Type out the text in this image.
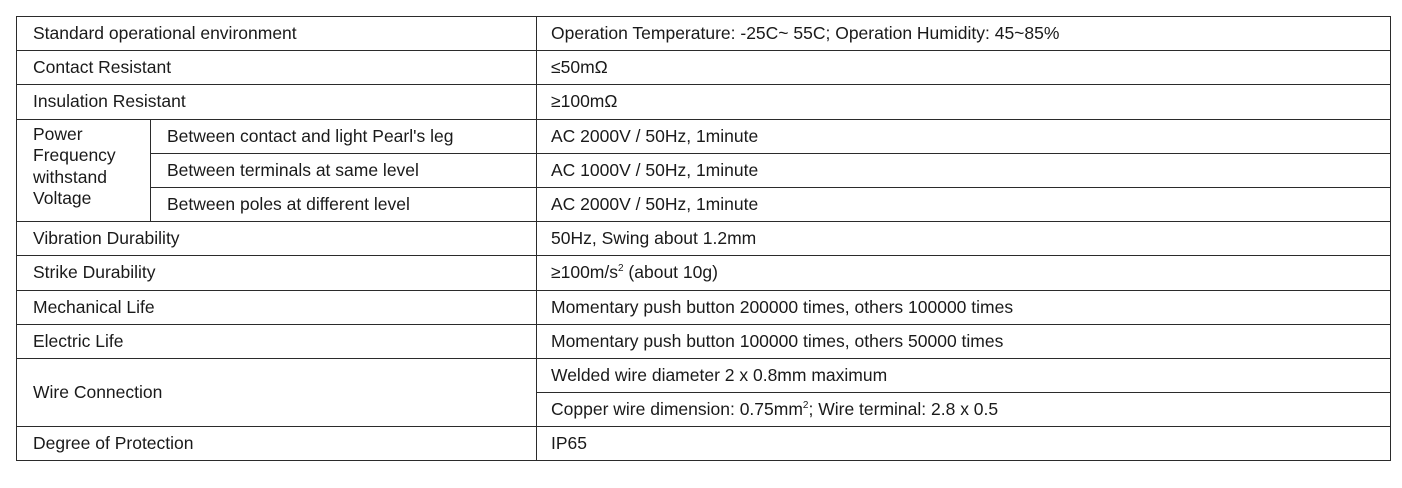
Standard operational environment		Operation Temperature: -25C~ 55C; Operation Humidity: 45~85%
Contact Resistant		≤50mΩ
Insulation Resistant		≥100mΩ
Power Frequency withstand Voltage	Between contact and light Pearl's leg	AC 2000V / 50Hz, 1minute
	Between terminals at same level	AC 1000V / 50Hz, 1minute
	Between poles at different level	AC 2000V / 50Hz, 1minute
Vibration Durability		50Hz, Swing about 1.2mm
Strike Durability		$\ge 100m/s^2$ (about 10g)
Mechanical Life		Momentary push button 200000 times, others 100000 times
Electric Life		Momentary push button 100000 times, others 50000 times
Wire Connection		Welded wire diameter 2 x 0.8mm maximum
		Copper wire dimension: $0.75mm^2$; Wire terminal: 2.8 x 0.5
Degree of Protection		IP65
